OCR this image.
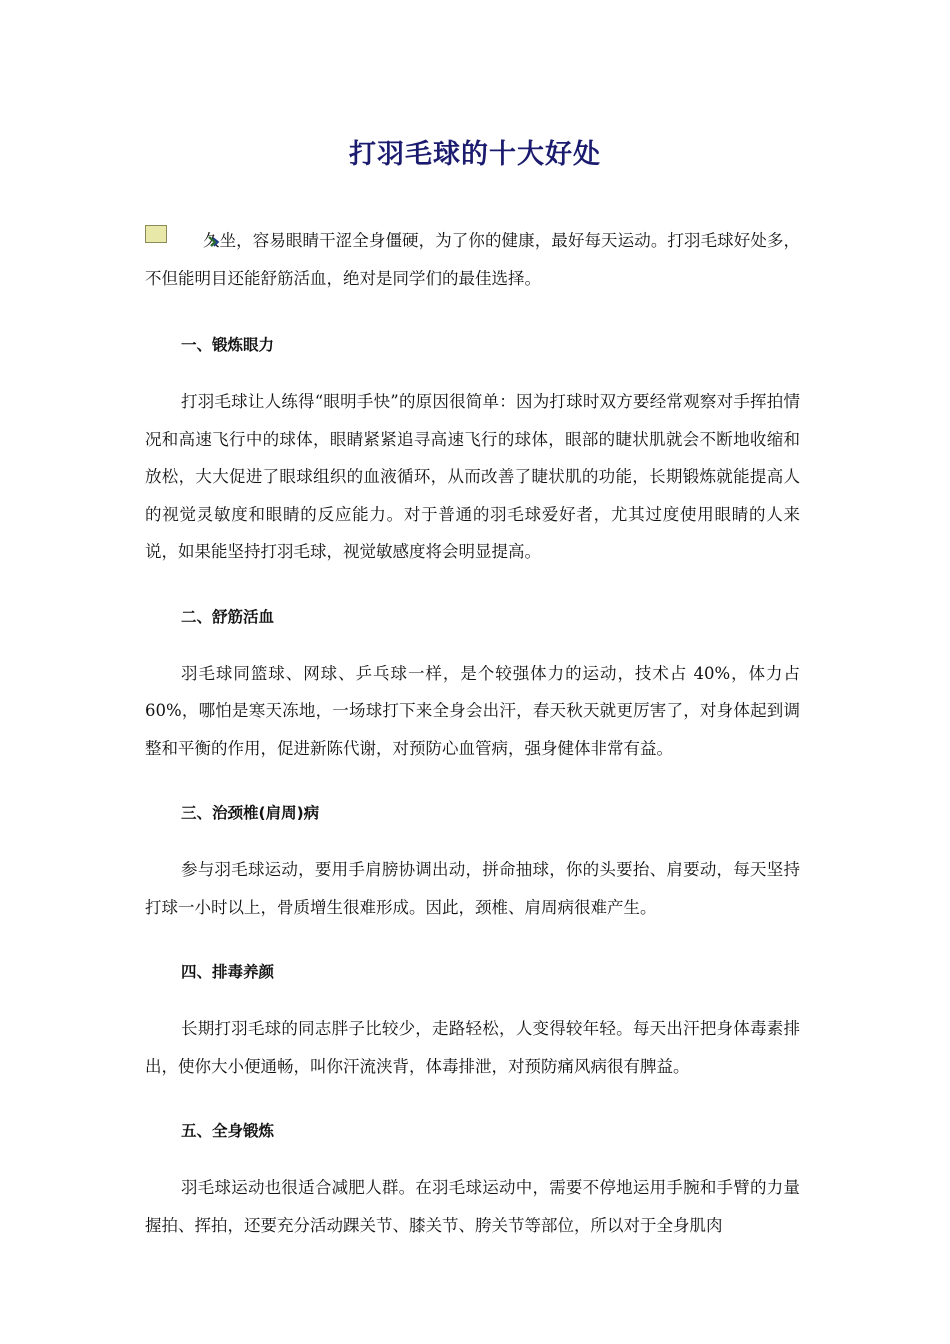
打羽毛球的十大好处

久坐，容易眼睛干涩全身僵硬，为了你的健康，最好每天运动。打羽毛球好处多，不但能明目还能舒筋活血，绝对是同学们的最佳选择。

一、锻炼眼力

打羽毛球让人练得“眼明手快”的原因很简单：因为打球时双方要经常观察对手挥拍情况和高速飞行中的球体，眼睛紧紧追寻高速飞行的球体，眼部的睫状肌就会不断地收缩和放松，大大促进了眼球组织的血液循环，从而改善了睫状肌的功能，长期锻炼就能提高人的视觉灵敏度和眼睛的反应能力。对于普通的羽毛球爱好者，尤其过度使用眼睛的人来说，如果能坚持打羽毛球，视觉敏感度将会明显提高。

二、舒筋活血

羽毛球同篮球、网球、乒乓球一样，是个较强体力的运动，技术占 40%，体力占 60%，哪怕是寒天冻地，一场球打下来全身会出汗，春天秋天就更厉害了，对身体起到调整和平衡的作用，促进新陈代谢，对预防心血管病，强身健体非常有益。

三、治颈椎(肩周)病

参与羽毛球运动，要用手肩膀协调出动，拼命抽球，你的头要抬、肩要动，每天坚持打球一小时以上，骨质增生很难形成。因此，颈椎、肩周病很难产生。

四、排毒养颜

长期打羽毛球的同志胖子比较少，走路轻松，人变得较年轻。每天出汗把身体毒素排出，使你大小便通畅，叫你汗流浃背，体毒排泄，对预防痛风病很有脾益。

五、全身锻炼

羽毛球运动也很适合减肥人群。在羽毛球运动中，需要不停地运用手腕和手臂的力量握拍、挥拍，还要充分活动踝关节、膝关节、胯关节等部位，所以对于全身肌肉
